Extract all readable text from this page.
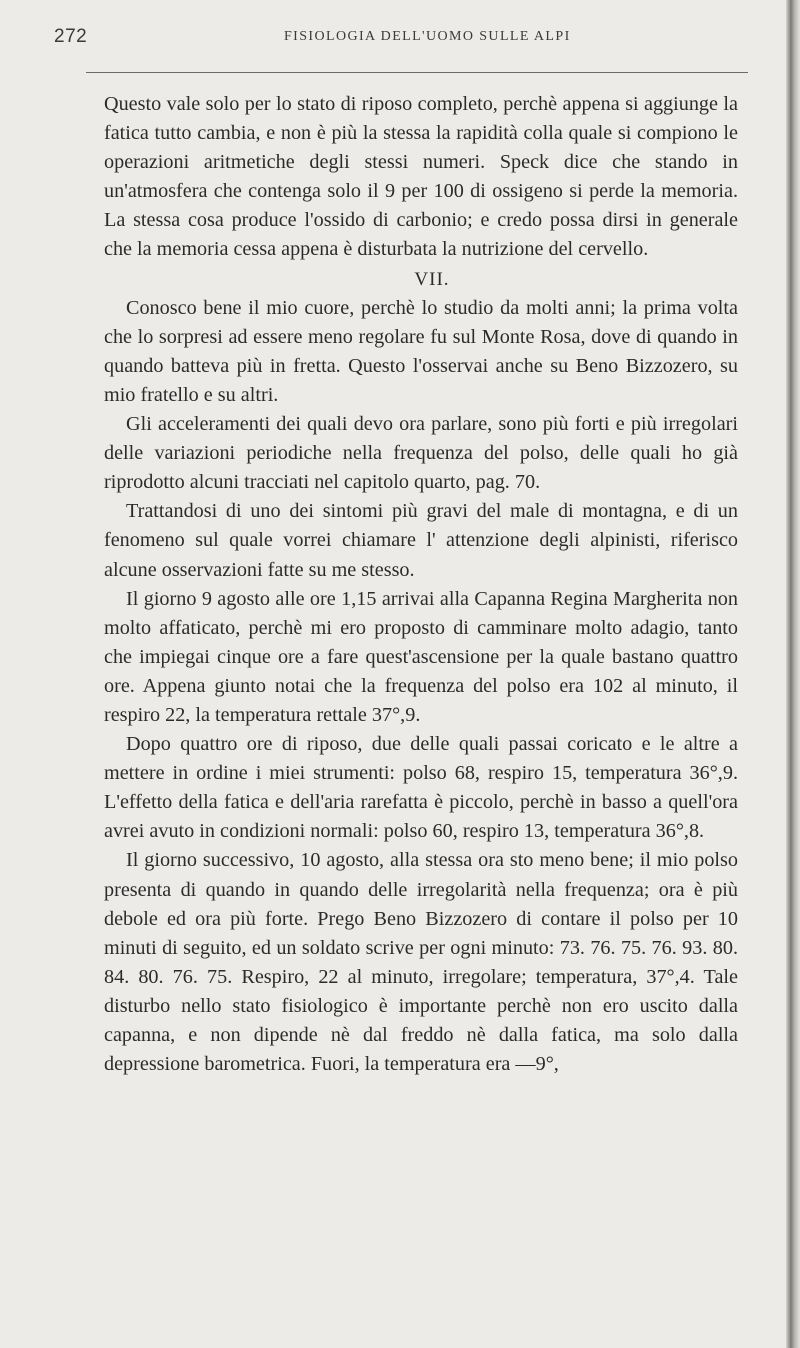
272	FISIOLOGIA DELL'UOMO SULLE ALPI

Questo vale solo per lo stato di riposo completo, perchè appena si aggiunge la fatica tutto cambia, e non è più la stessa la rapidità colla quale si compiono le operazioni aritmetiche degli stessi numeri. Speck dice che stando in un'atmosfera che contenga solo il 9 per 100 di ossigeno si perde la memoria. La stessa cosa produce l'ossido di carbonio; e credo possa dirsi in generale che la memoria cessa appena è disturbata la nutrizione del cervello.

VII.

Conosco bene il mio cuore, perchè lo studio da molti anni; la prima volta che lo sorpresi ad essere meno regolare fu sul Monte Rosa, dove di quando in quando batteva più in fretta. Questo l'osservai anche su Beno Bizzozero, su mio fratello e su altri.

Gli acceleramenti dei quali devo ora parlare, sono più forti e più irregolari delle variazioni periodiche nella frequenza del polso, delle quali ho già riprodotto alcuni tracciati nel capitolo quarto, pag. 70.

Trattandosi di uno dei sintomi più gravi del male di montagna, e di un fenomeno sul quale vorrei chiamare l' attenzione degli alpinisti, riferisco alcune osservazioni fatte su me stesso.

Il giorno 9 agosto alle ore 1,15 arrivai alla Capanna Regina Margherita non molto affaticato, perchè mi ero proposto di camminare molto adagio, tanto che impiegai cinque ore a fare quest'ascensione per la quale bastano quattro ore. Appena giunto notai che la frequenza del polso era 102 al minuto, il respiro 22, la temperatura rettale 37°,9.

Dopo quattro ore di riposo, due delle quali passai coricato e le altre a mettere in ordine i miei strumenti: polso 68, respiro 15, temperatura 36°,9. L'effetto della fatica e dell'aria rarefatta è piccolo, perchè in basso a quell'ora avrei avuto in condizioni normali: polso 60, respiro 13, temperatura 36°,8.

Il giorno successivo, 10 agosto, alla stessa ora sto meno bene; il mio polso presenta di quando in quando delle irregolarità nella frequenza; ora è più debole ed ora più forte. Prego Beno Bizzozero di contare il polso per 10 minuti di seguito, ed un soldato scrive per ogni minuto: 73. 76. 75. 76. 93. 80. 84. 80. 76. 75. Respiro, 22 al minuto, irregolare; temperatura, 37°,4. Tale disturbo nello stato fisiologico è importante perchè non ero uscito dalla capanna, e non dipende nè dal freddo nè dalla fatica, ma solo dalla depressione barometrica. Fuori, la temperatura era —9°,
